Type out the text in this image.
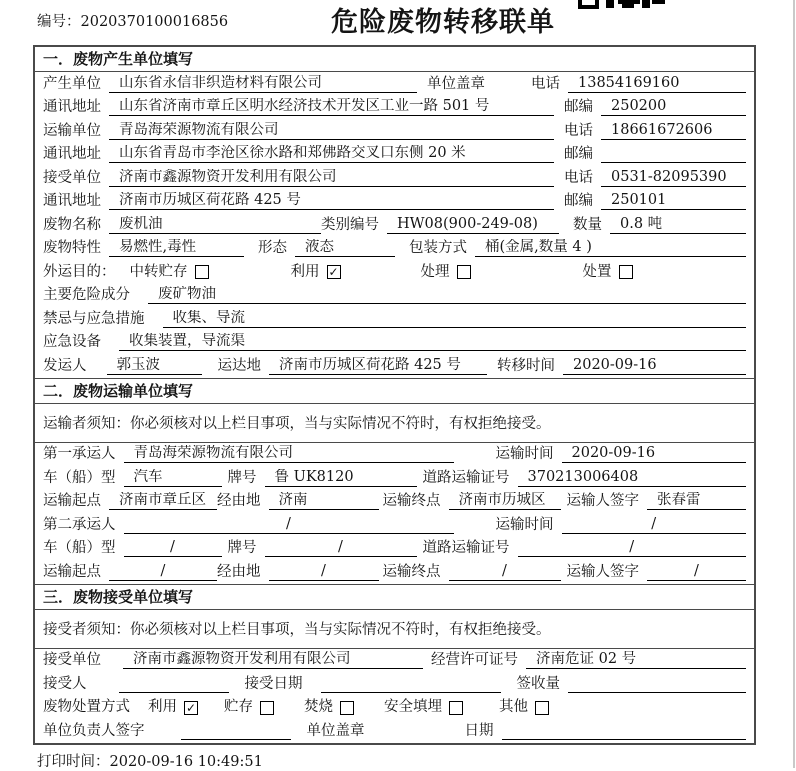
编号：2020370100016856	危险废物转移联单
一．废物产生单位填写
产生单位	山东省永信非织造材料有限公司	单位盖章	电话	13854169160
通讯地址	山东省济南市章丘区明水经济技术开发区工业一路 501 号	邮编	250200
运输单位	青岛海荣源物流有限公司	电话	18661672606
通讯地址	山东省青岛市李沧区徐水路和郑佛路交叉口东侧 20 米	邮编
接受单位	济南市鑫源物资开发利用有限公司	电话	0531-82095390
通讯地址	济南市历城区荷花路 425 号	邮编	250101
废物名称	废机油	类别编号	HW08(900-249-08)	数量	0.8 吨
废物特性	易燃性,毒性	形态	液态	包装方式	桶(金属,数量 4 )
外运目的： 中转贮存	利用 ✓	处理	处置
主要危险成分	废矿物油
禁忌与应急措施	收集、导流
应急设备	收集装置，导流渠
发运人	郭玉波	运达地	济南市历城区荷花路 425 号	转移时间	2020-09-16
二．废物运输单位填写
运输者须知：你必须核对以上栏目事项，当与实际情况不符时，有权拒绝接受。
第一承运人	青岛海荣源物流有限公司	运输时间	2020-09-16
车（船）型	汽车	牌号	鲁 UK8120	道路运输证号	370213006408
运输起点	济南市章丘区 经由地	济南	运输终点	济南市历城区	运输人签字	张春雷
第二承运人	/	运输时间	/
车（船）型	/	牌号	/	道路运输证号	/
运输起点	/	经由地	/	运输终点	/	运输人签字	/
三．废物接受单位填写
接受者须知：你必须核对以上栏目事项，当与实际情况不符时，有权拒绝接受。
接受单位	济南市鑫源物资开发利用有限公司	经营许可证号	济南危证 02 号
接受人	接受日期	签收量
废物处置方式 利用 ✓ 贮存	焚烧	安全填埋	其他
单位负责人签字	单位盖章	日期
打印时间：2020-09-16 10:49:51
